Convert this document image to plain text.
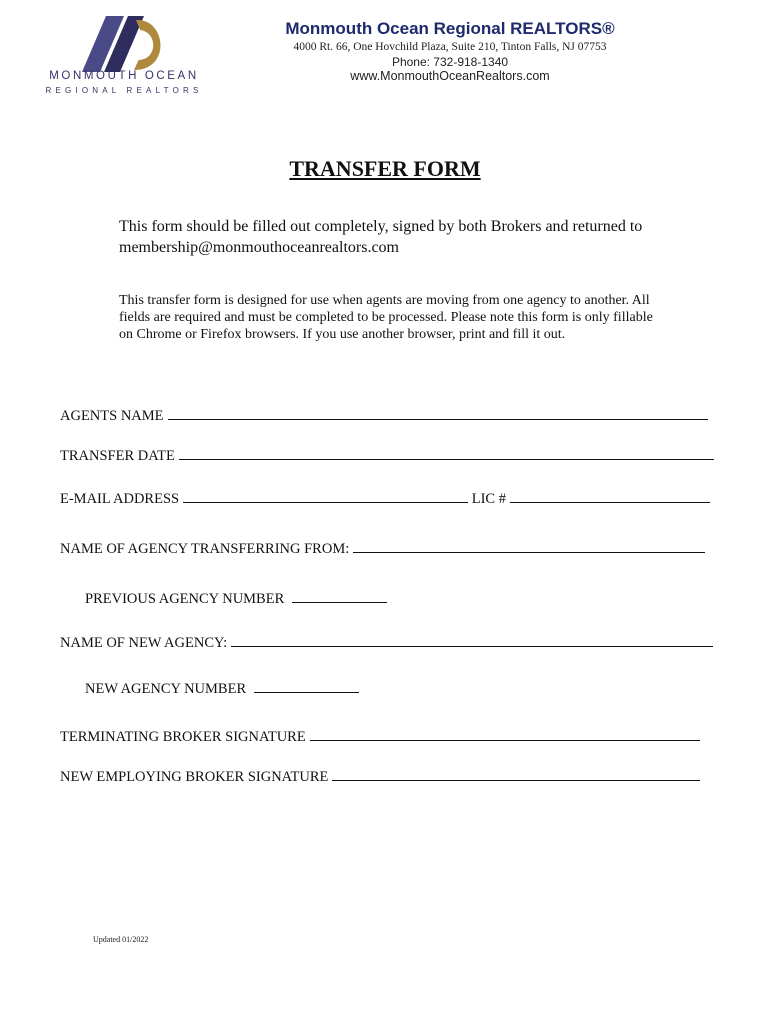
MONMOUTH OCEAN
REGIONAL REALTORS
Monmouth Ocean Regional REALTORS®
4000 Rt. 66, One Hovchild Plaza, Suite 210, Tinton Falls, NJ 07753
Phone: 732-918-1340
www.MonmouthOceanRealtors.com
TRANSFER FORM
This form should be filled out completely, signed by both Brokers and returned to membership@monmouthoceanrealtors.com
This transfer form is designed for use when agents are moving from one agency to another. All fields are required and must be completed to be processed. Please note this form is only fillable on Chrome or Firefox browsers. If you use another browser, print and fill it out.
AGENTS NAME
TRANSFER DATE
E-MAIL ADDRESS	LIC #
NAME OF AGENCY TRANSFERRING FROM:
PREVIOUS AGENCY NUMBER
NAME OF NEW AGENCY:
NEW AGENCY NUMBER
TERMINATING BROKER SIGNATURE
NEW EMPLOYING BROKER SIGNATURE
Updated 01/2022
